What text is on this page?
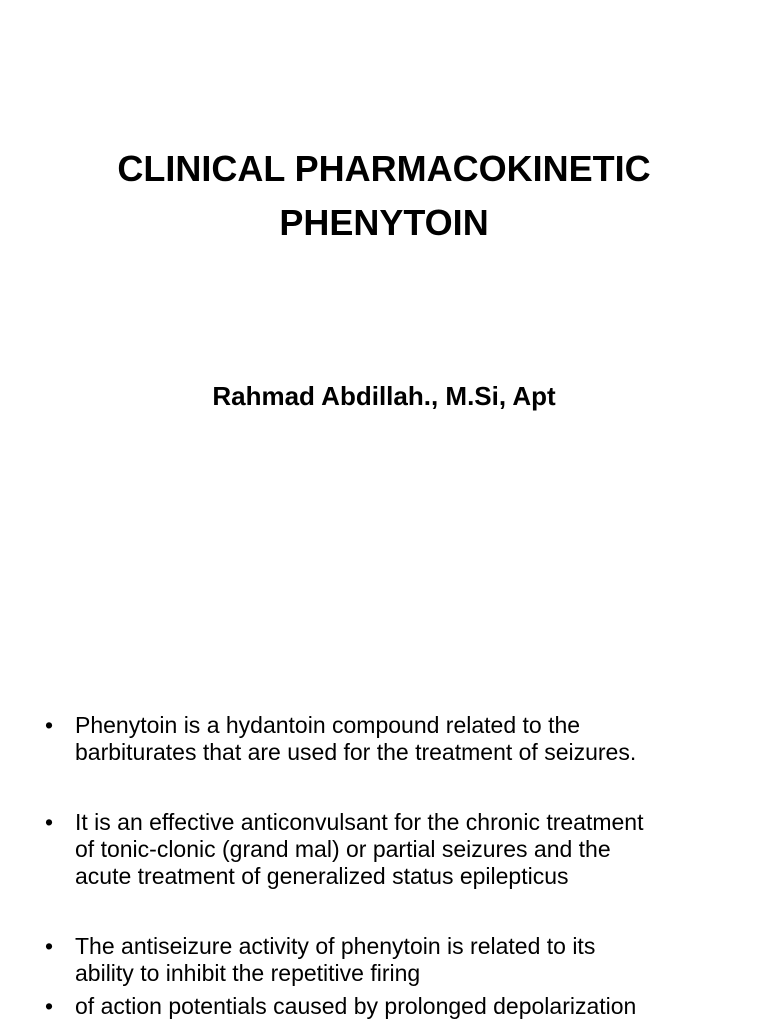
CLINICAL PHARMACOKINETIC
PHENYTOIN
Rahmad Abdillah., M.Si, Apt
• Phenytoin is a hydantoin compound related to the
barbiturates that are used for the treatment of seizures.
• It is an effective anticonvulsant for the chronic treatment
of tonic-clonic (grand mal) or partial seizures and the
acute treatment of generalized status epilepticus
• The antiseizure activity of phenytoin is related to its
ability to inhibit the repetitive firing
• of action potentials caused by prolonged depolarization
